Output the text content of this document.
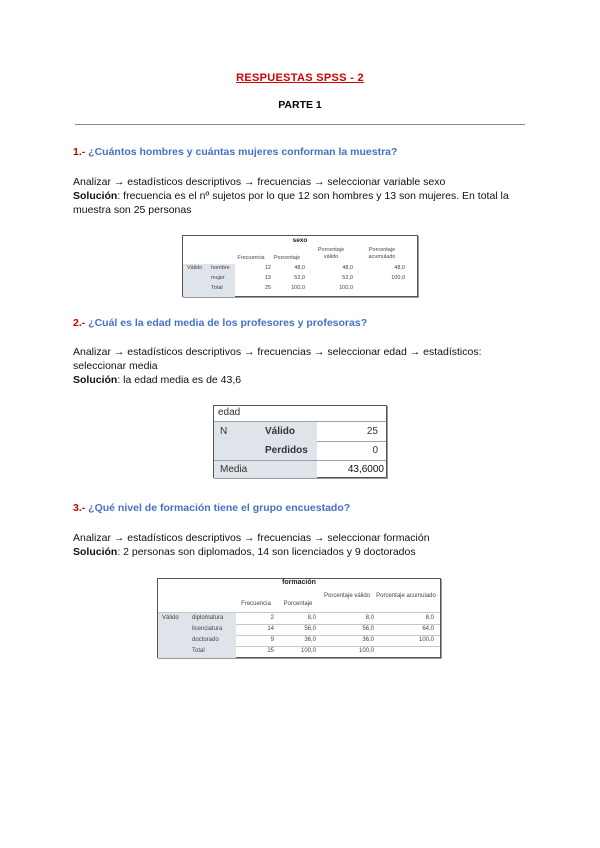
RESPUESTAS SPSS - 2
PARTE 1
1.- ¿Cuántos hombres y cuántas mujeres conforman la muestra?
Analizar → estadísticos descriptivos → frecuencias → seleccionar variable sexo
Solución: frecuencia es el nº sujetos por lo que 12 son hombres y 13 son mujeres. En total la muestra son 25 personas
sexo
Frecuencia	Porcentaje
Porcentaje válido
Porcentaje acumulado
Válido hombre	12	48,0	48,0	48,0
mujer	13	52,0	52,0	100,0
Total	25	100,0	100,0
2.- ¿Cuál es la edad media de los profesores y profesoras?
Analizar → estadísticos descriptivos → frecuencias → seleccionar edad → estadísticos: seleccionar media
Solución: la edad media es de 43,6
edad
N	Válido	25
Perdidos	0
Media	43,6000
3.- ¿Qué nivel de formación tiene el grupo encuestado?
Analizar → estadísticos descriptivos → frecuencias → seleccionar formación
Solución: 2 personas son diplomados, 14 son licenciados y 9 doctorados
formación
Frecuencia	Porcentaje
Porcentaje válido	Porcentaje acumulado
Válido diplomatura	2	8,0	8,0	8,0
licenciatura	14	56,0	56,0	64,0
doctorado	9	36,0	36,0	100,0
Total	25	100,0	100,0
